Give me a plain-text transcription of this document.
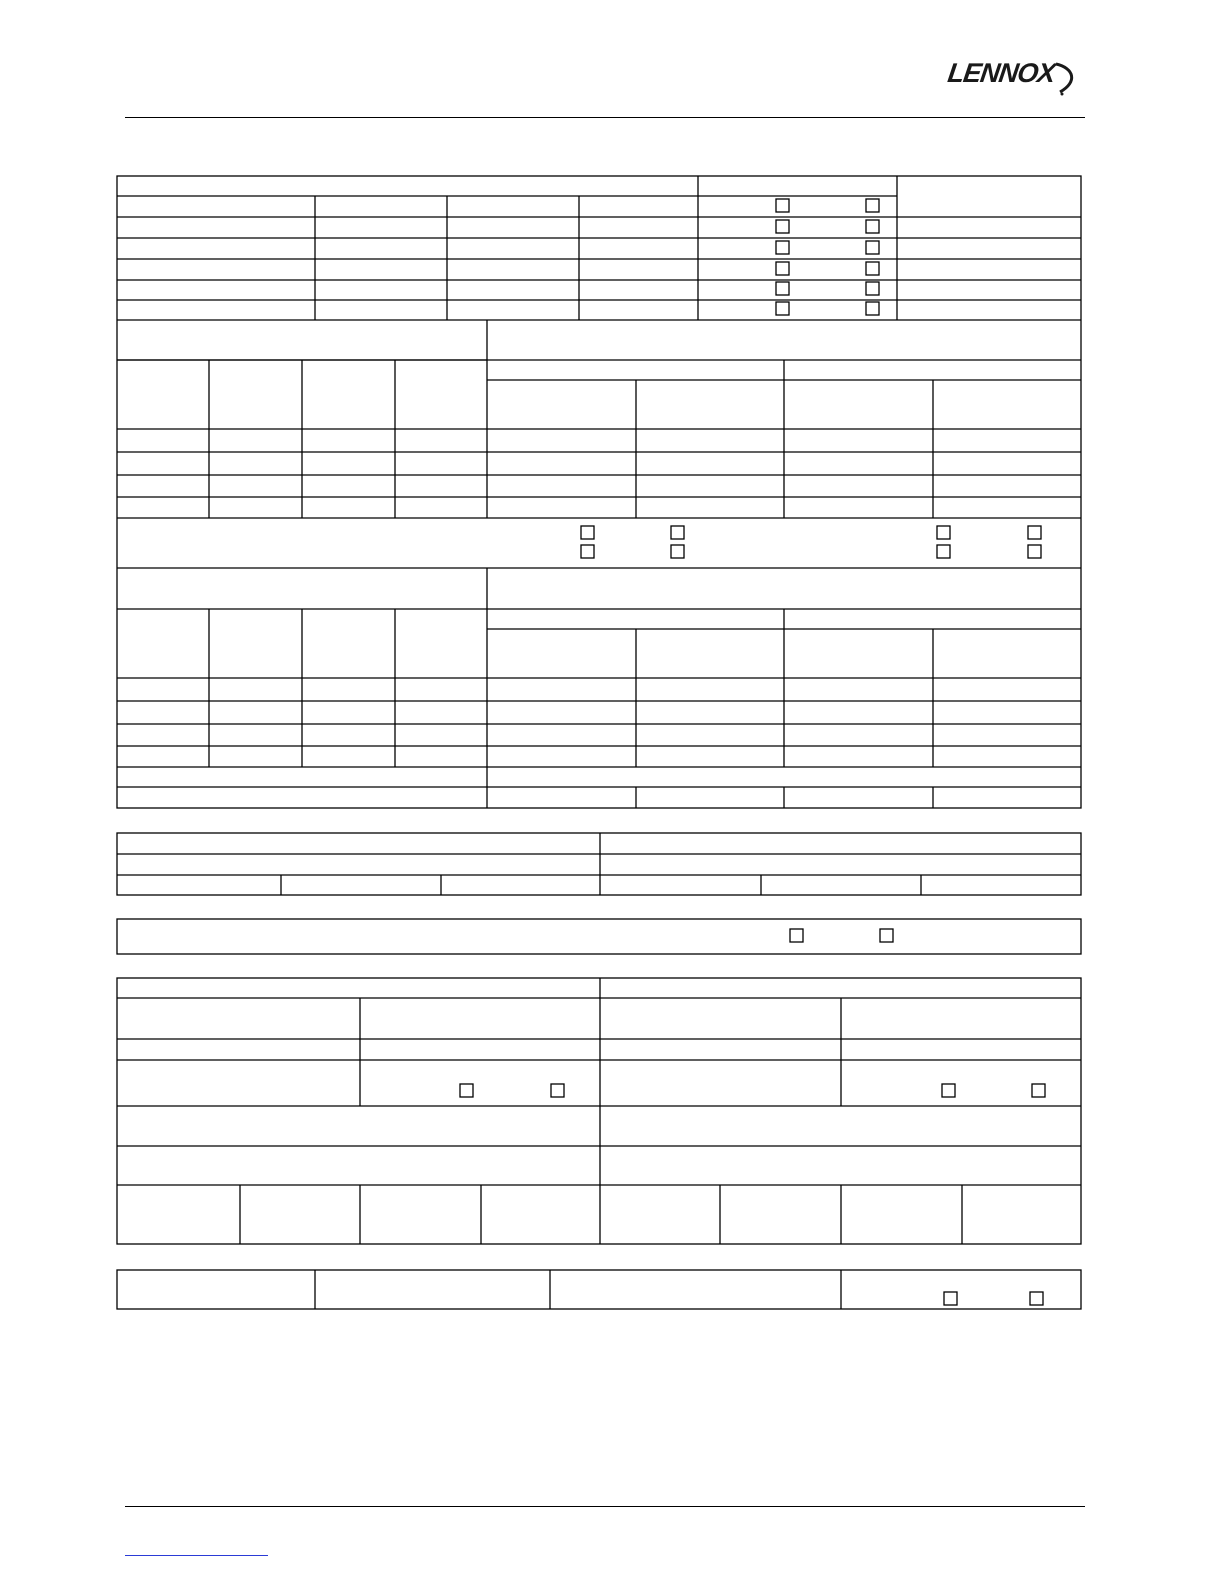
LENNOX
